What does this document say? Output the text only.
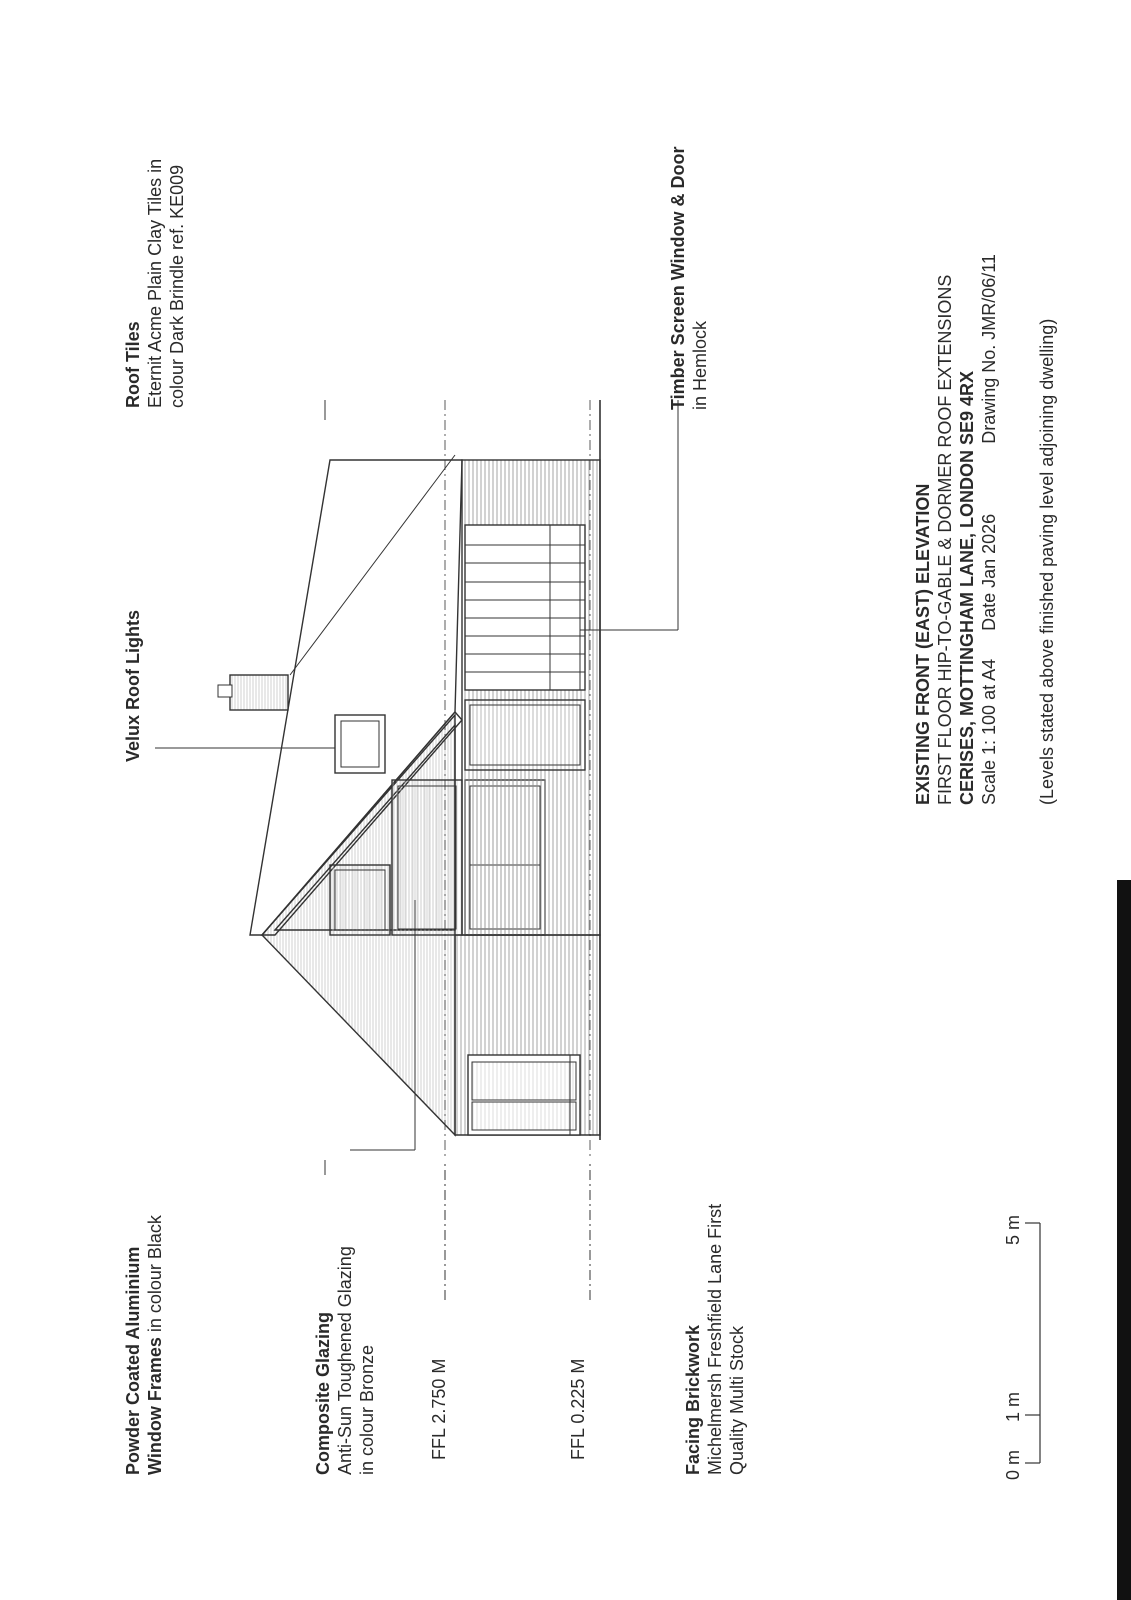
Powder Coated Aluminium Window Frames in colour Black
Composite Glazing Anti-Sun Toughened Glazing in colour Bronze	FFL 2.750 M	FFL 0.225 M	Facing Brickwork Michelmersh Freshfield Lane First Quality Multi Stock
Velux Roof Lights
Roof Tiles Eternit Acme Plain Clay Tiles in colour Dark Brindle ref. KE009	Timber Screen Window & Door in Hemlock
0 m
1 m
5 m
EXISTING FRONT (EAST) ELEVATION FIRST FLOOR HIP-TO-GABLE & DORMER ROOF EXTENSIONS CERISES, MOTTINGHAM LANE, LONDON SE9 4RX
Scale 1: 100 at A4Date Jan 2026Drawing No. JMR/06/11 (Levels stated above finished paving level adjoining dwelling)
